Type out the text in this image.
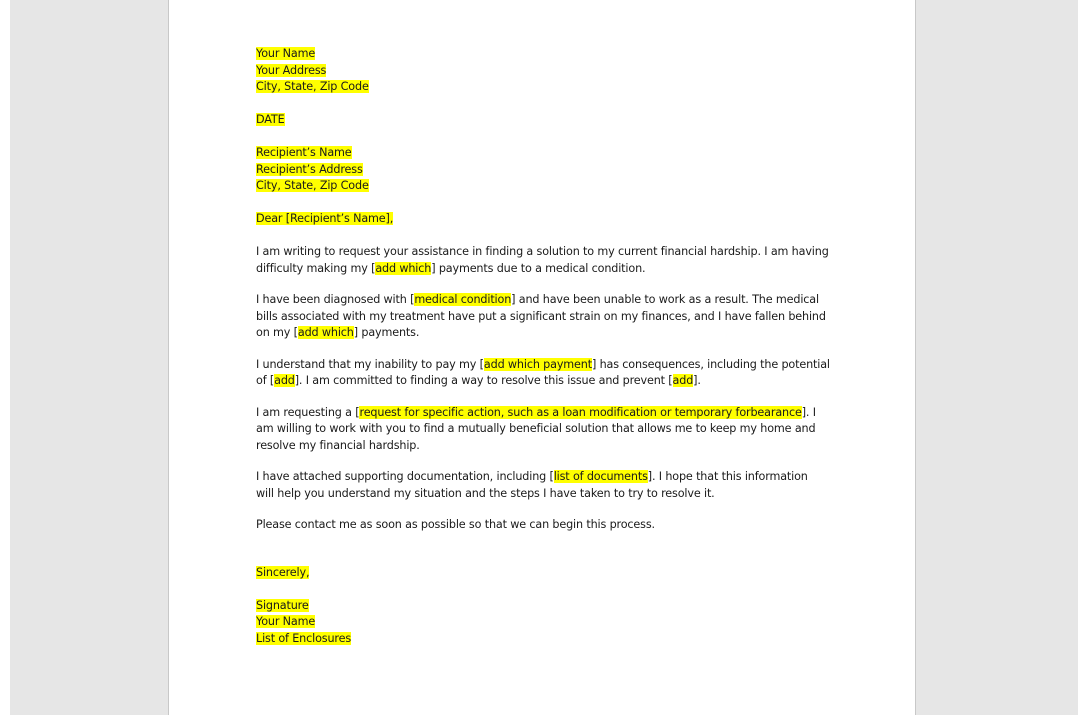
Your Name
Your Address
City, State, Zip Code
DATE
Recipient’s Name
Recipient’s Address
City, State, Zip Code
Dear [Recipient’s Name],
I am writing to request your assistance in finding a solution to my current financial hardship. I am having
difficulty making my [add which] payments due to a medical condition.
I have been diagnosed with [medical condition] and have been unable to work as a result. The medical
bills associated with my treatment have put a significant strain on my finances, and I have fallen behind
on my [add which] payments.
I understand that my inability to pay my [add which payment] has consequences, including the potential
of [add]. I am committed to finding a way to resolve this issue and prevent [add].
I am requesting a [request for specific action, such as a loan modification or temporary forbearance]. I
am willing to work with you to find a mutually beneficial solution that allows me to keep my home and
resolve my financial hardship.
I have attached supporting documentation, including [list of documents]. I hope that this information
will help you understand my situation and the steps I have taken to try to resolve it.
Please contact me as soon as possible so that we can begin this process.
Sincerely,
Signature
Your Name
List of Enclosures
